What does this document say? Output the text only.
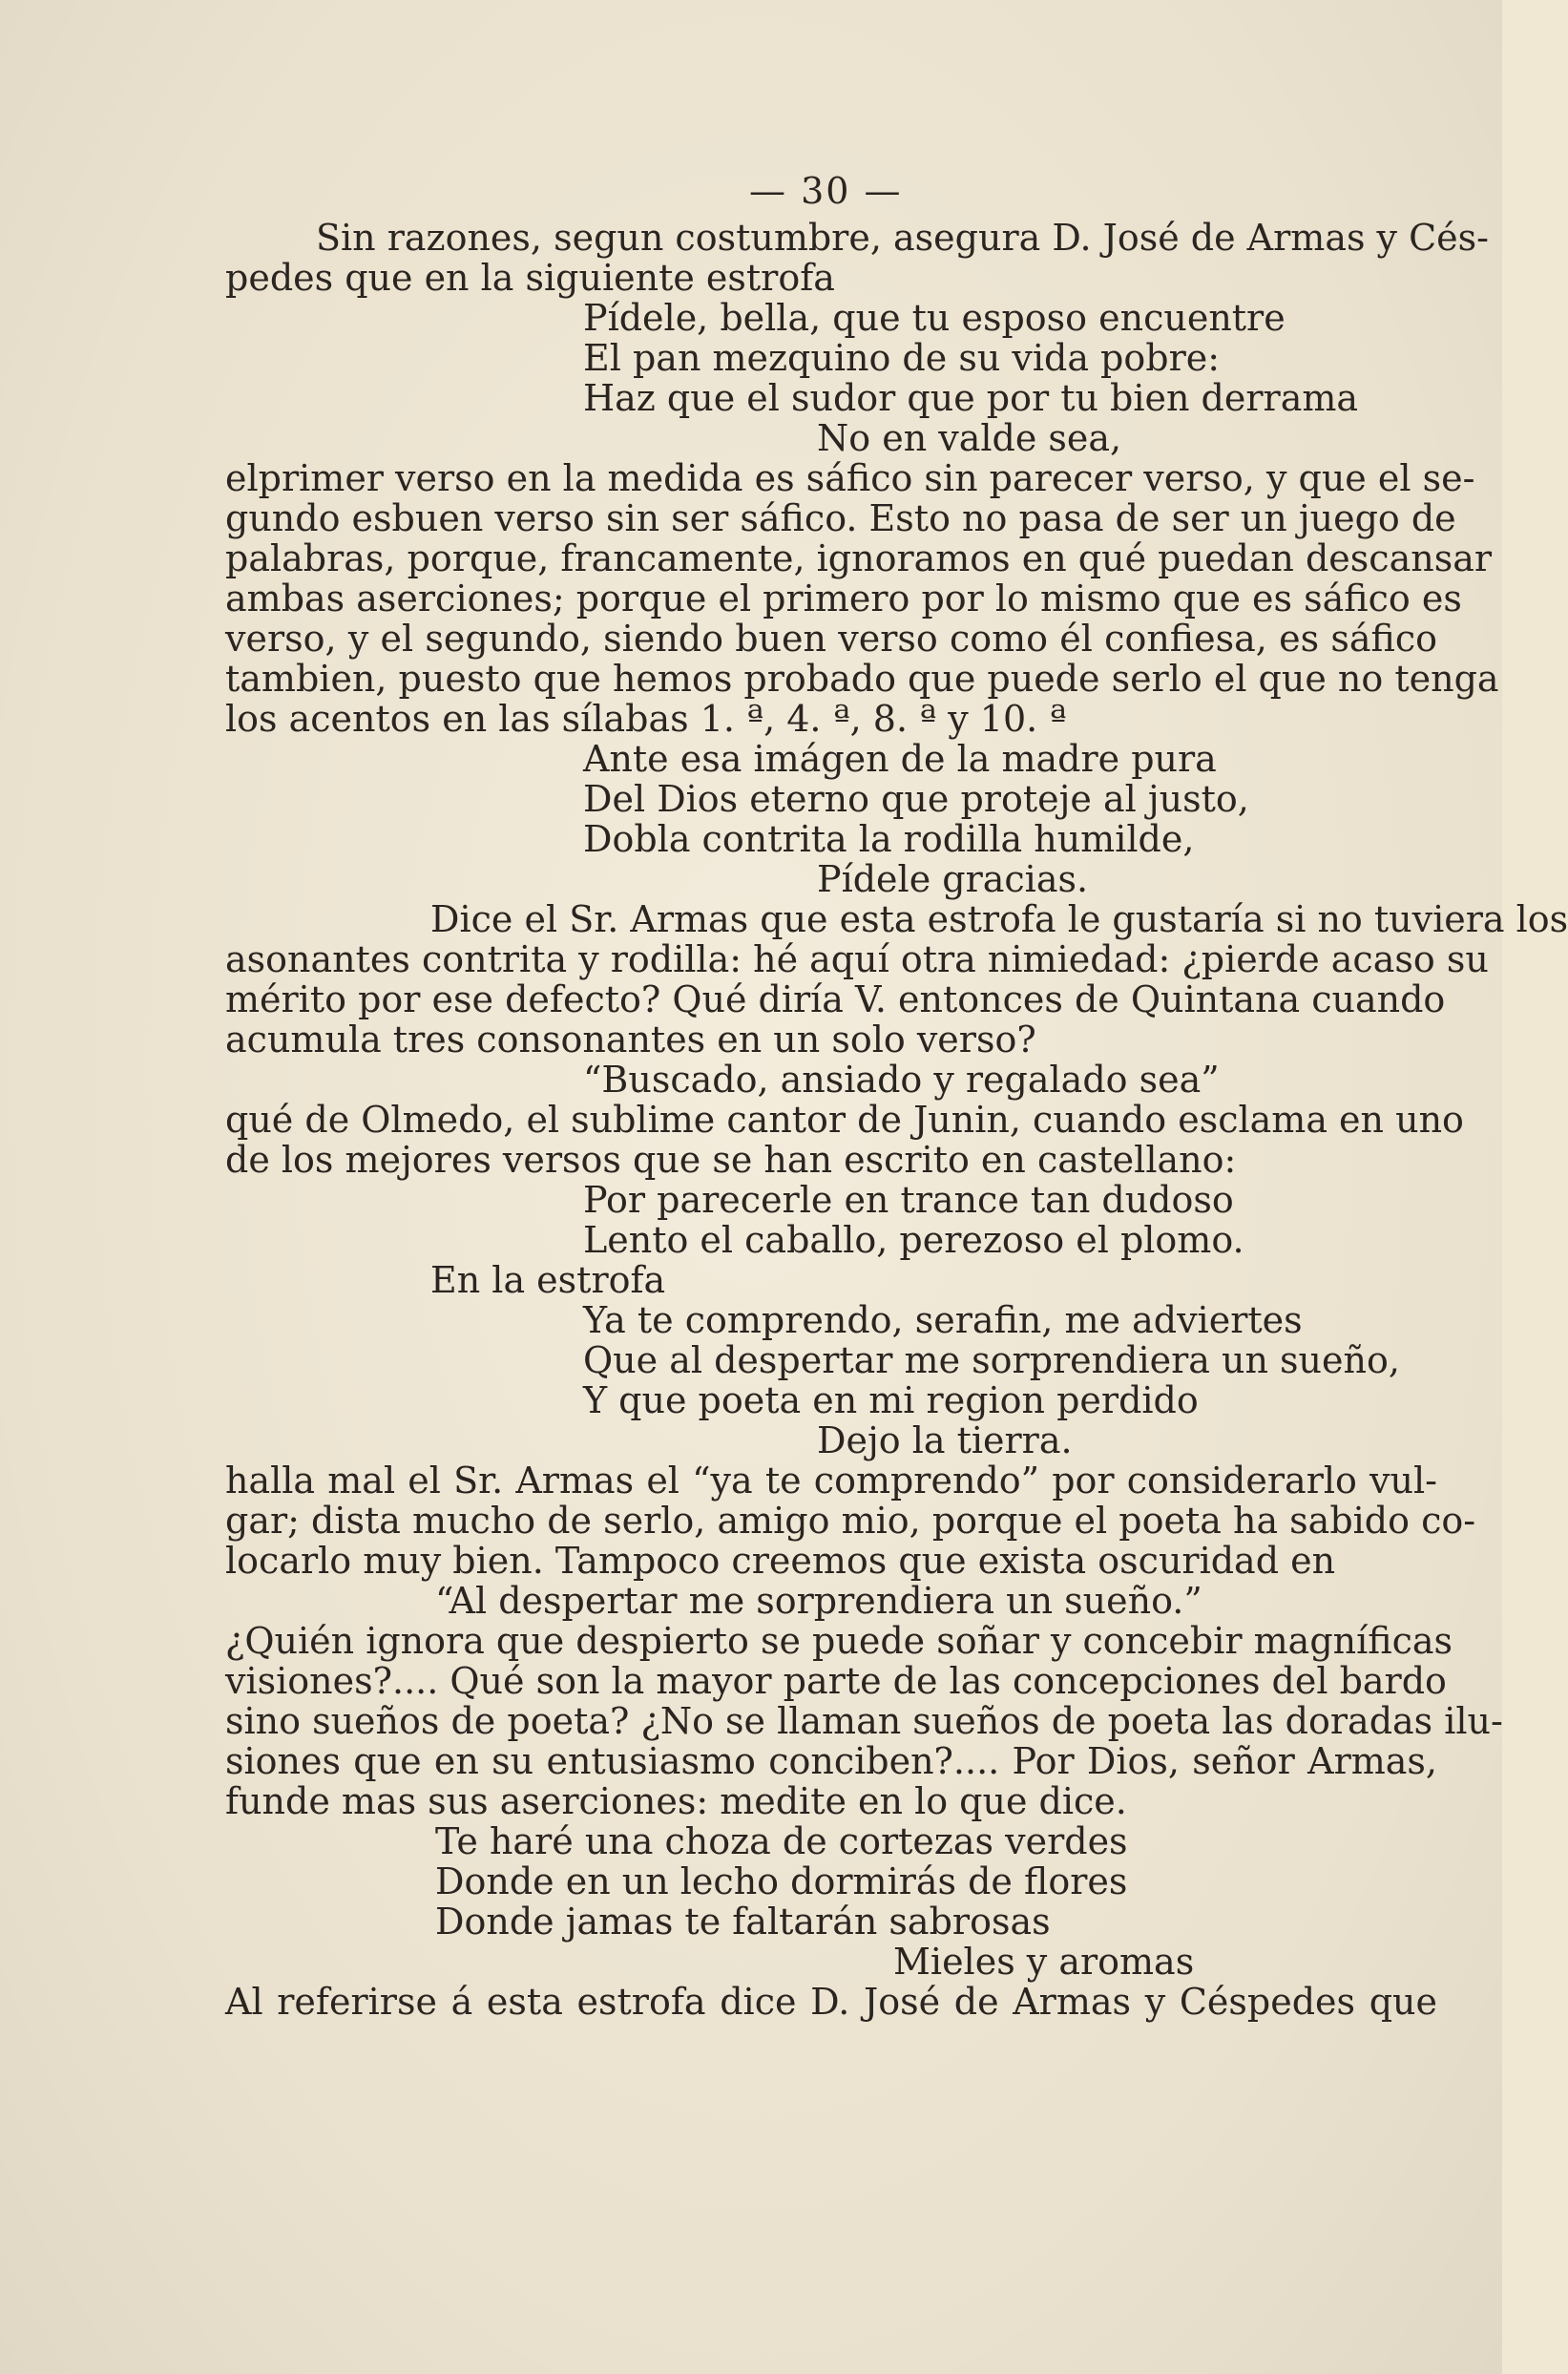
— 30 —
Sin razones, segun costumbre, asegura D. José de Armas y Cés-
pedes que en la siguiente estrofa
Pídele, bella, que tu esposo encuentre
El pan mezquino de su vida pobre:
Haz que el sudor que por tu bien derrama
No en valde sea,
elprimer verso en la medida es sáfico sin parecer verso, y que el se-
gundo esbuen verso sin ser sáfico. Esto no pasa de ser un juego de
palabras, porque, francamente, ignoramos en qué puedan descansar
ambas aserciones; porque el primero por lo mismo que es sáfico es
verso, y el segundo, siendo buen verso como él confiesa, es sáfico
tambien, puesto que hemos probado que puede serlo el que no tenga
los acentos en las sílabas 1. ª, 4. ª, 8. ª y 10. ª
Ante esa imágen de la madre pura
Del Dios eterno que proteje al justo,
Dobla contrita la rodilla humilde,
Pídele gracias.
Dice el Sr. Armas que esta estrofa le gustaría si no tuviera los
asonantes contrita y rodilla: hé aquí otra nimiedad: ¿pierde acaso su
mérito por ese defecto? Qué diría V. entonces de Quintana cuando
acumula tres consonantes en un solo verso?
“Buscado, ansiado y regalado sea”
qué de Olmedo, el sublime cantor de Junin, cuando esclama en uno
de los mejores versos que se han escrito en castellano:
Por parecerle en trance tan dudoso
Lento el caballo, perezoso el plomo.
En la estrofa
Ya te comprendo, serafin, me adviertes
Que al despertar me sorprendiera un sueño,
Y que poeta en mi region perdido
Dejo la tierra.
halla mal el Sr. Armas el “ya te comprendo” por considerarlo vul-
gar; dista mucho de serlo, amigo mio, porque el poeta ha sabido co-
locarlo muy bien. Tampoco creemos que exista oscuridad en
“Al despertar me sorprendiera un sueño.”
¿Quién ignora que despierto se puede soñar y concebir magníficas
visiones?.... Qué son la mayor parte de las concepciones del bardo
sino sueños de poeta? ¿No se llaman sueños de poeta las doradas ilu-
siones que en su entusiasmo conciben?.... Por Dios, señor Armas,
funde mas sus aserciones: medite en lo que dice.
Te haré una choza de cortezas verdes
Donde en un lecho dormirás de flores
Donde jamas te faltarán sabrosas
Mieles y aromas
Al referirse á esta estrofa dice D. José de Armas y Céspedes que
